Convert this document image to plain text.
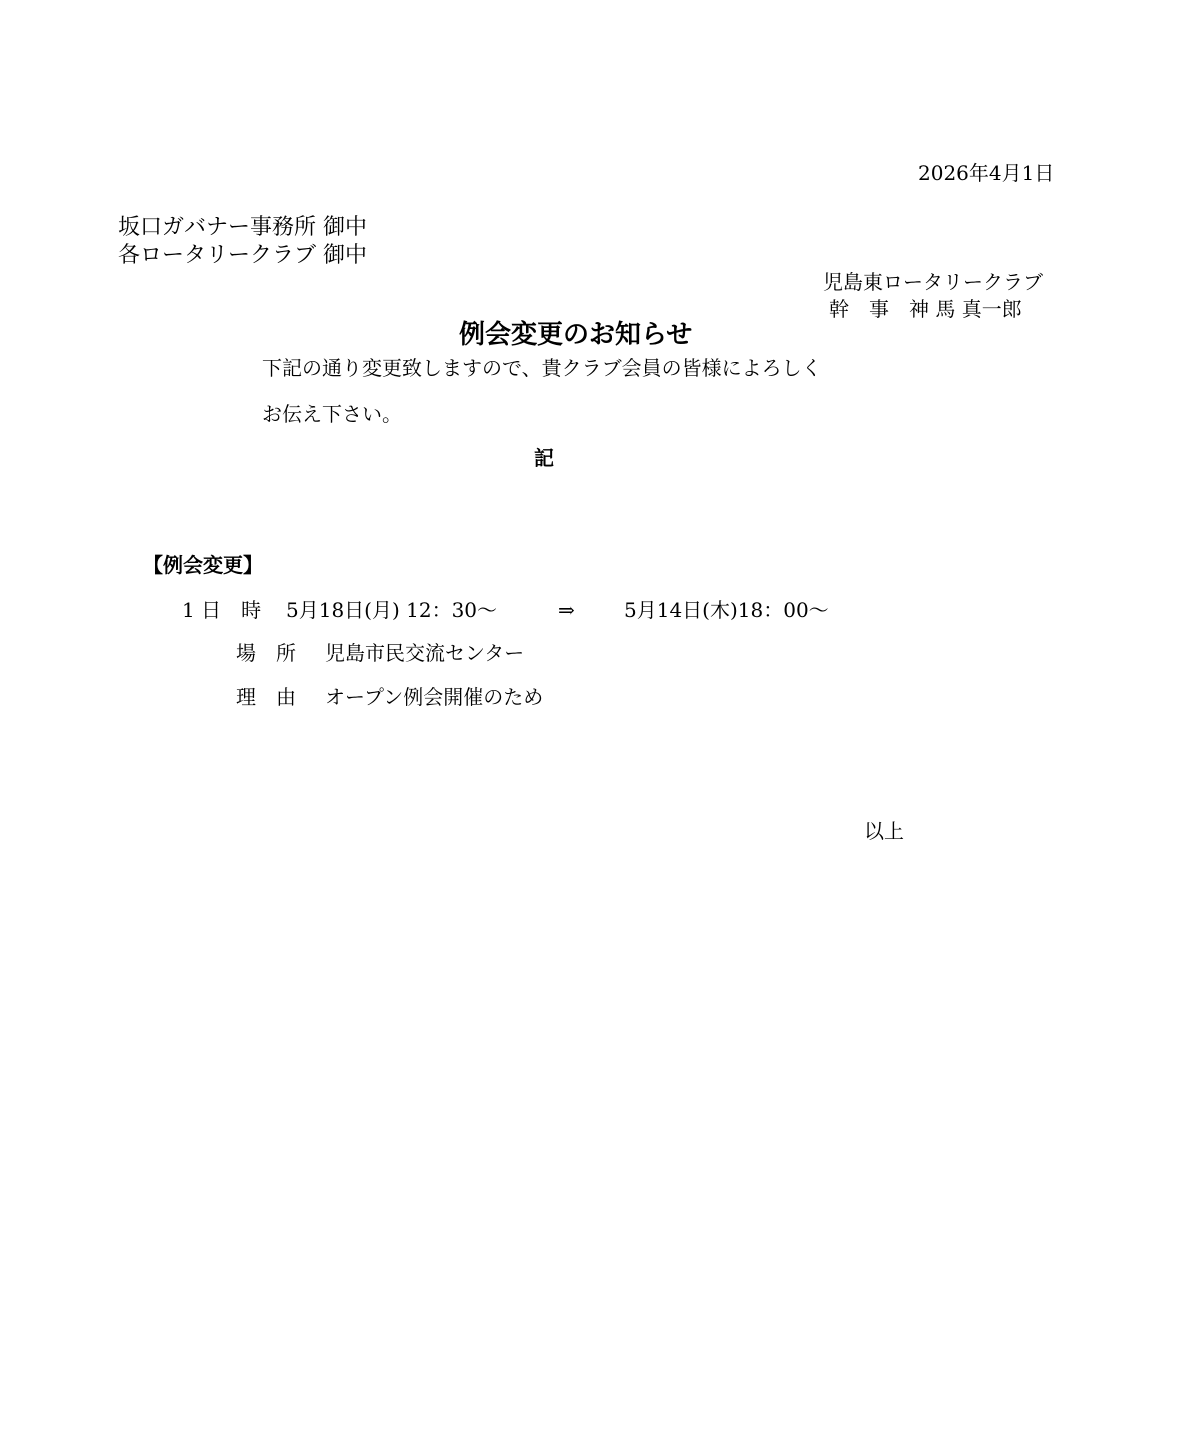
2026年4月1日
坂口ガバナー事務所 御中
各ロータリークラブ 御中
児島東ロータリークラブ
幹　事　神 馬 真一郎
例会変更のお知らせ
下記の通り変更致しますので、貴クラブ会員の皆様によろしく
お伝え下さい。
記
【例会変更】
1 日　時 5月18日(月) 12：30〜	⇒ 5月14日(木)18：00〜
場　所 児島市民交流センター
理　由 オープン例会開催のため
以上
